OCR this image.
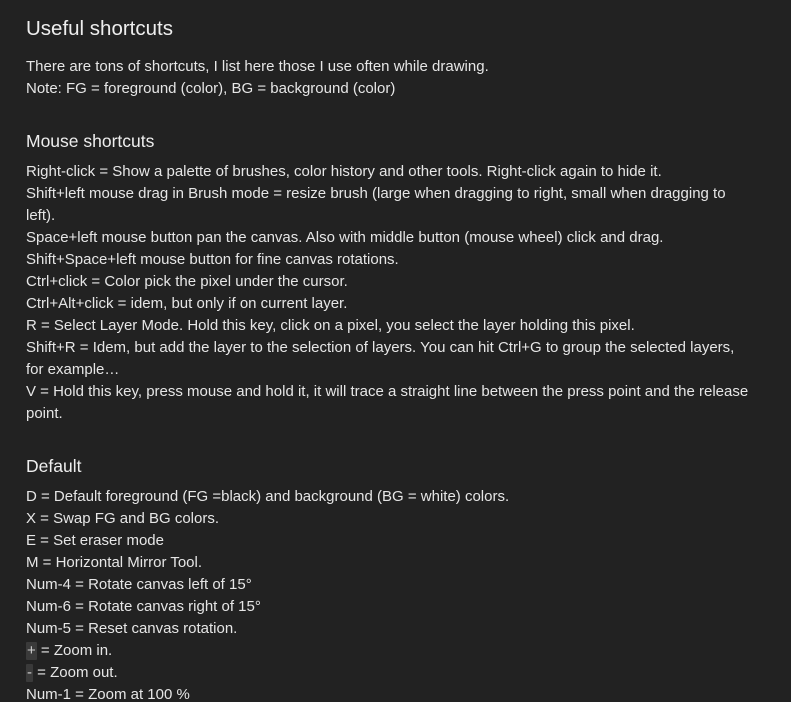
Useful shortcuts

There are tons of shortcuts, I list here those I use often while drawing.

Note: FG = foreground (color), BG = background (color)

Mouse shortcuts

Right-click = Show a palette of brushes, color history and other tools. Right-click again to hide it.

Shift+left mouse drag in Brush mode = resize brush (large when dragging to right, small when dragging to left).

Space+left mouse button pan the canvas. Also with middle button (mouse wheel) click and drag.

Shift+Space+left mouse button for fine canvas rotations.

Ctrl+click = Color pick the pixel under the cursor.

Ctrl+Alt+click = idem, but only if on current layer.

R = Select Layer Mode. Hold this key, click on a pixel, you select the layer holding this pixel.

Shift+R = Idem, but add the layer to the selection of layers. You can hit Ctrl+G to group the selected layers, for example…

V = Hold this key, press mouse and hold it, it will trace a straight line between the press point and the release point.

Default

D = Default foreground (FG =black) and background (BG = white) colors.

X = Swap FG and BG colors.

E = Set eraser mode

M = Horizontal Mirror Tool.

Num-4 = Rotate canvas left of 15°

Num-6 = Rotate canvas right of 15°

Num-5 = Reset canvas rotation.

+ = Zoom in.

- = Zoom out.

Num-1 = Zoom at 100 %
